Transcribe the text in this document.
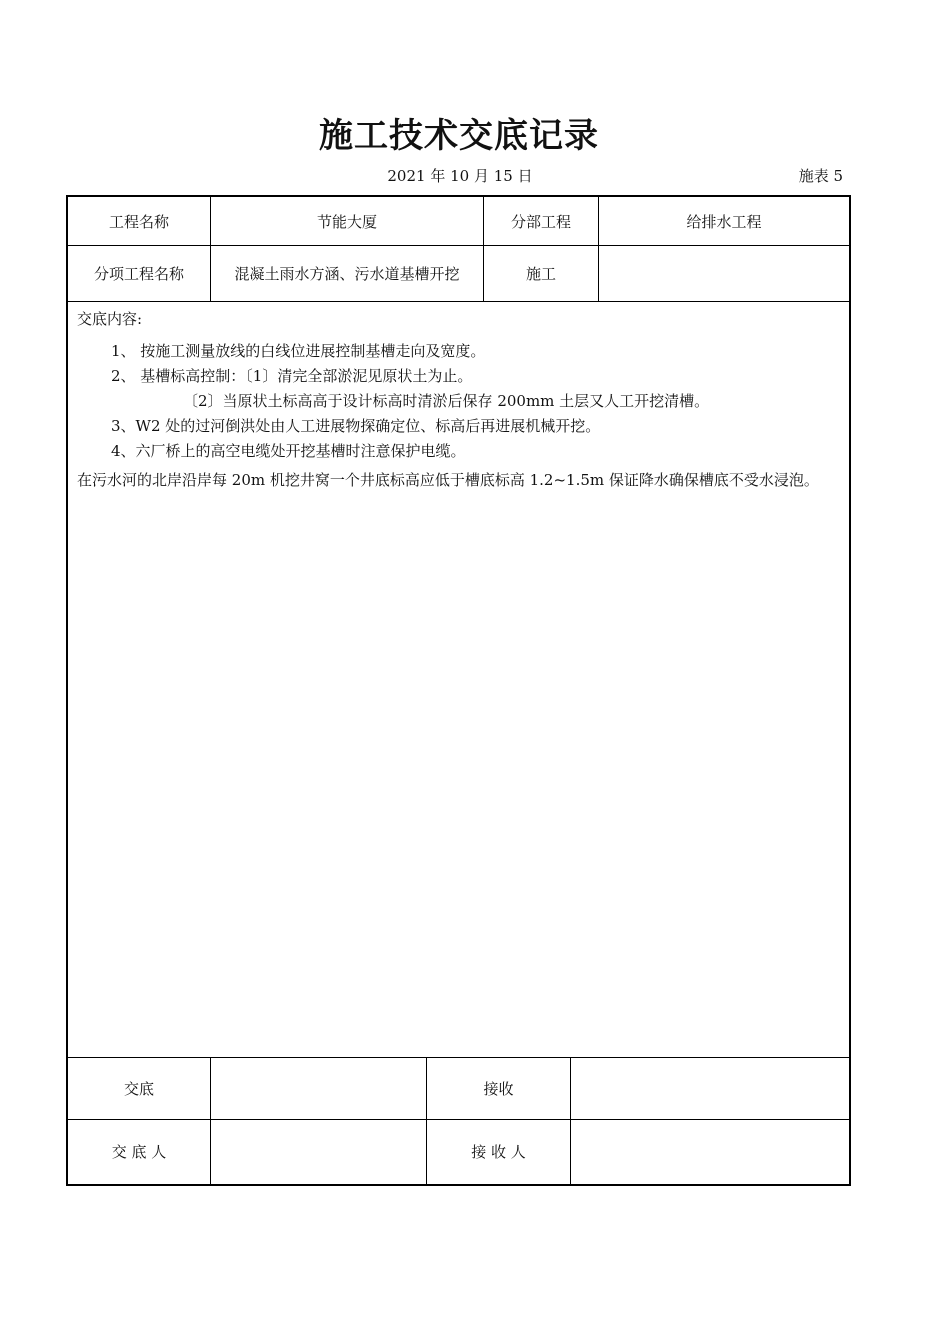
施工技术交底记录
2021 年 10 月 15 日	施表 5
工程名称	节能大厦	分部工程	给排水工程
分项工程名称	混凝土雨水方涵、污水道基槽开挖	施工
交底内容:
1、 按施工测量放线的白线位进展控制基槽走向及宽度。
2、 基槽标高控制：〔1〕清完全部淤泥见原状土为止。
〔2〕当原状土标高高于设计标高时清淤后保存 200mm 土层又人工开挖清槽。
3、W2 处的过河倒洪处由人工进展物探确定位、标高后再进展机械开挖。
4、六厂桥上的高空电缆处开挖基槽时注意保护电缆。
在污水河的北岸沿岸每 20m 机挖井窝一个井底标高应低于槽底标高 1.2~1.5m 保证降水确保槽底不受水浸泡。
交底	接收
交 底 人	接 收 人
